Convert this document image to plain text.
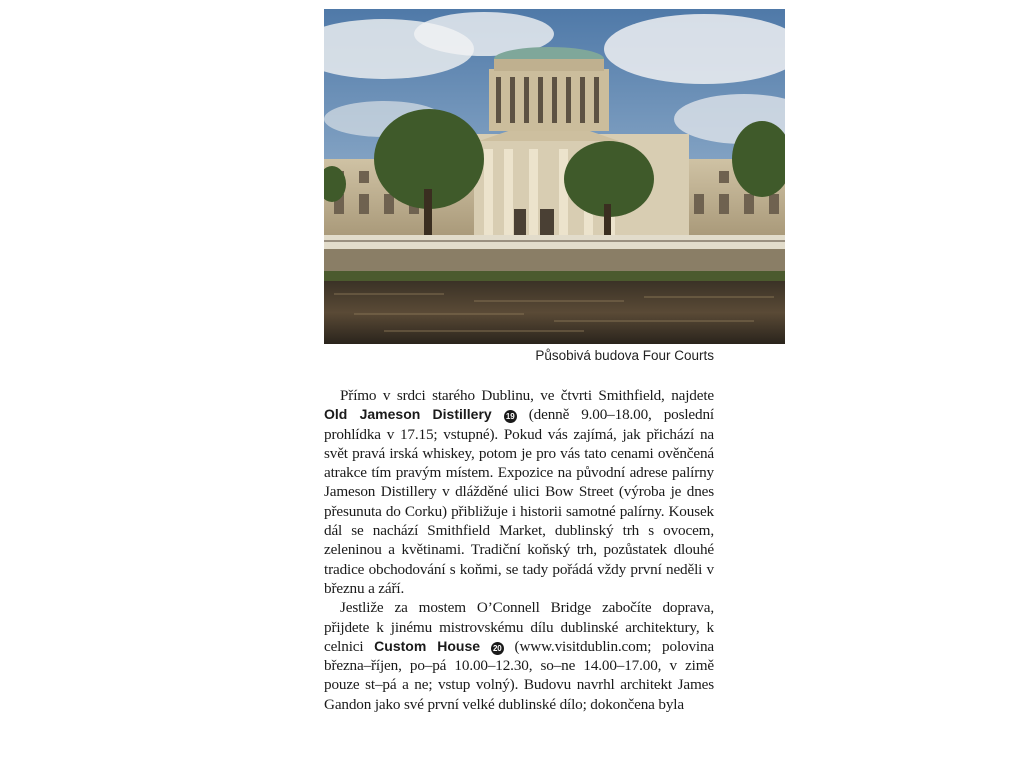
Působivá budova Four Courts

Přímo v srdci starého Dublinu, ve čtvrti Smithfield, najdete Old Jameson Distillery 19 (denně 9.00–18.00, poslední prohlídka v 17.15; vstupné). Pokud vás zajímá, jak přichází na svět pravá irská whiskey, potom je pro vás tato cenami ověnčená atrakce tím pravým místem. Expozice na původní adrese palírny Jameson Distillery v dlážděné ulici Bow Street (výroba je dnes přesunuta do Corku) přibližuje i historii samotné palírny. Kousek dál se nachází Smithfield Market, dublinský trh s ovocem, zeleninou a květinami. Tradiční koňský trh, pozůstatek dlouhé tradice obchodování s koňmi, se tady pořádá vždy první neděli v březnu a září.

Jestliže za mostem O’Connell Bridge zabočíte doprava, přijdete k jinému mistrovskému dílu dublinské architektury, k celnici Custom House 20 (www.visitdublin.com; polovina března–říjen, po–pá 10.00–12.30, so–ne 14.00–17.00, v zimě pouze st–pá a ne; vstup volný). Budovu navrhl architekt James Gandon jako své první velké dublinské dílo; dokončena byla
